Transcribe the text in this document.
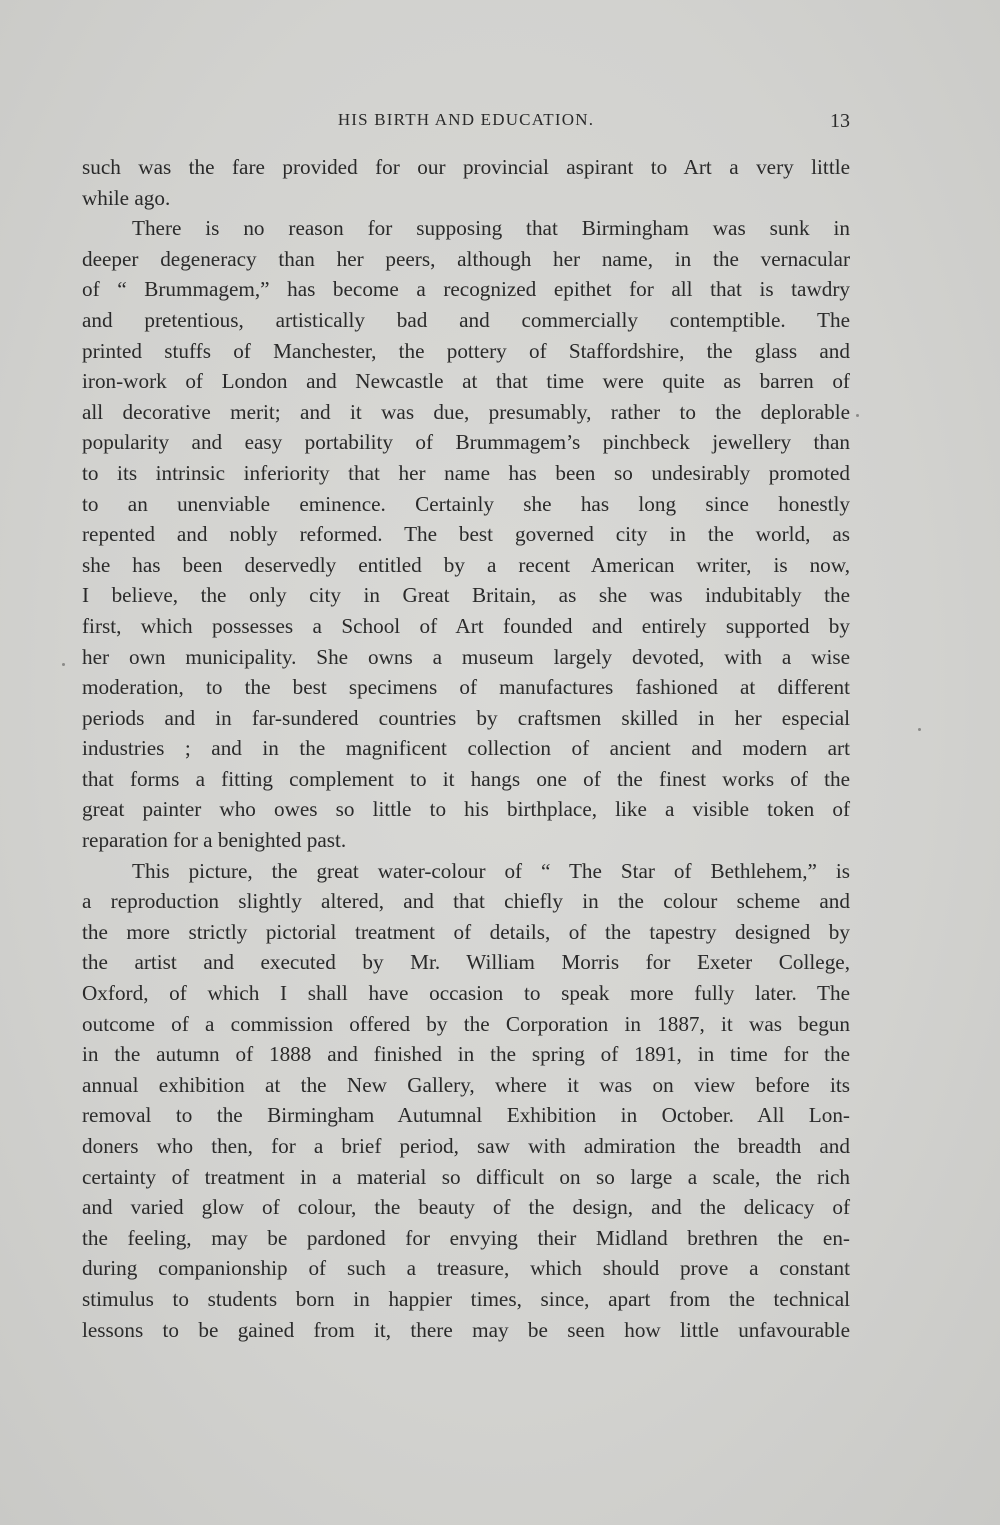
HIS BIRTH AND EDUCATION.	13
such was the fare provided for our provincial aspirant to Art a very little
while ago.
There is no reason for supposing that Birmingham was sunk in
deeper degeneracy than her peers, although her name, in the vernacular
of “ Brummagem,” has become a recognized epithet for all that is tawdry
and pretentious, artistically bad and commercially contemptible. The
printed stuffs of Manchester, the pottery of Staffordshire, the glass and
iron-work of London and Newcastle at that time were quite as barren of
all decorative merit; and it was due, presumably, rather to the deplorable
popularity and easy portability of Brummagem’s pinchbeck jewellery than
to its intrinsic inferiority that her name has been so undesirably promoted
to an unenviable eminence. Certainly she has long since honestly
repented and nobly reformed. The best governed city in the world, as
she has been deservedly entitled by a recent American writer, is now,
I believe, the only city in Great Britain, as she was indubitably the
first, which possesses a School of Art founded and entirely supported by
her own municipality. She owns a museum largely devoted, with a wise
moderation, to the best specimens of manufactures fashioned at different
periods and in far-sundered countries by craftsmen skilled in her especial
industries ; and in the magnificent collection of ancient and modern art
that forms a fitting complement to it hangs one of the finest works of the
great painter who owes so little to his birthplace, like a visible token of
reparation for a benighted past.
This picture, the great water-colour of “ The Star of Bethlehem,” is
a reproduction slightly altered, and that chiefly in the colour scheme and
the more strictly pictorial treatment of details, of the tapestry designed by
the artist and executed by Mr. William Morris for Exeter College,
Oxford, of which I shall have occasion to speak more fully later. The
outcome of a commission offered by the Corporation in 1887, it was begun
in the autumn of 1888 and finished in the spring of 1891, in time for the
annual exhibition at the New Gallery, where it was on view before its
removal to the Birmingham Autumnal Exhibition in October. All Lon-
doners who then, for a brief period, saw with admiration the breadth and
certainty of treatment in a material so difficult on so large a scale, the rich
and varied glow of colour, the beauty of the design, and the delicacy of
the feeling, may be pardoned for envying their Midland brethren the en-
during companionship of such a treasure, which should prove a constant
stimulus to students born in happier times, since, apart from the technical
lessons to be gained from it, there may be seen how little unfavourable
